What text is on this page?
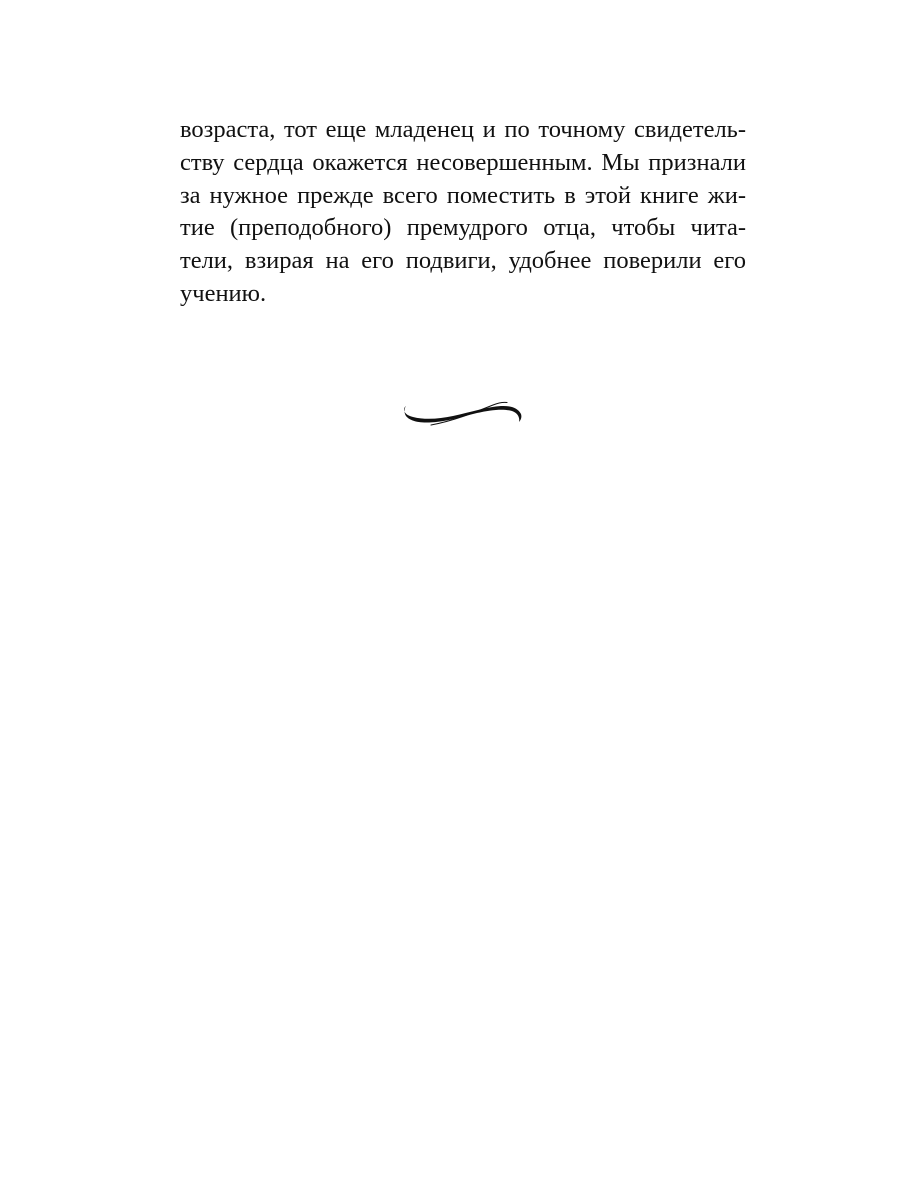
возраста, тот еще младенец и по точному свидетель-
ству сердца окажется несовершенным. Мы признали
за нужное прежде всего поместить в этой книге жи-
тие (преподобного) премудрого отца, чтобы чита-
тели, взирая на его подвиги, удобнее поверили его
учению.
